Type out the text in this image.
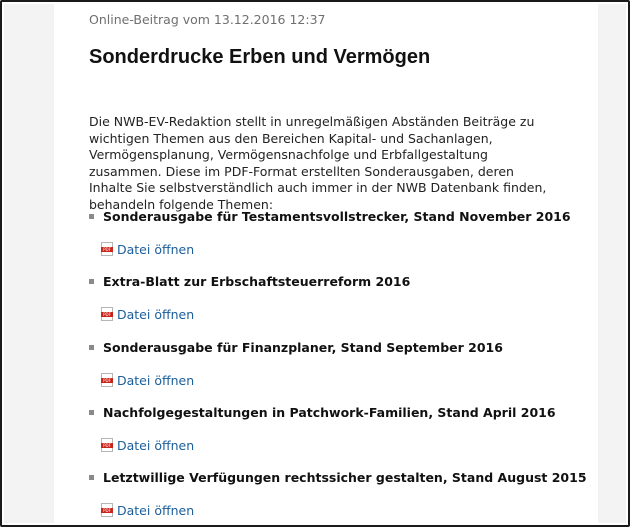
Online-Beitrag vom 13.12.2016 12:37
Sonderdrucke Erben und Vermögen
Die NWB-EV-Redaktion stellt in unregelmäßigen Abständen Beiträge zu wichtigen Themen aus den Bereichen Kapital- und Sachanlagen, Vermögensplanung, Vermögensnachfolge und Erbfallgestaltung zusammen. Diese im PDF-Format erstellten Sonderausgaben, deren Inhalte Sie selbstverständlich auch immer in der NWB Datenbank finden, behandeln folgende Themen:
Sonderausgabe für Testamentsvollstrecker, Stand November 2016
PDF Datei öffnen
Extra-Blatt zur Erbschaftsteuerreform 2016
PDF Datei öffnen
Sonderausgabe für Finanzplaner, Stand September 2016
PDF Datei öffnen
Nachfolgegestaltungen in Patchwork-Familien, Stand April 2016
PDF Datei öffnen
Letztwillige Verfügungen rechtssicher gestalten, Stand August 2015
PDF Datei öffnen
